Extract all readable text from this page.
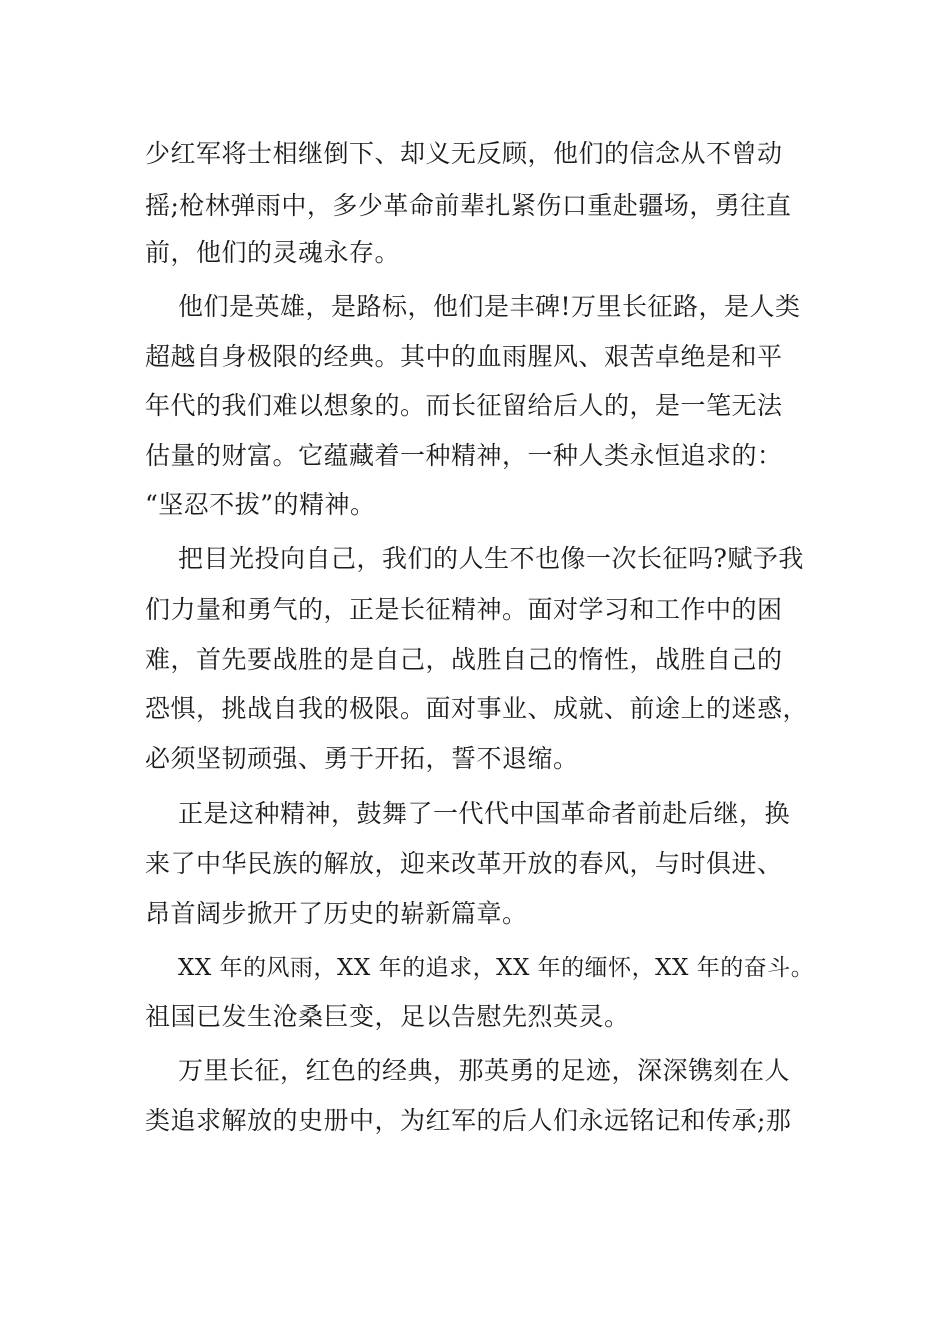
少红军将士相继倒下、却义无反顾，他们的信念从不曾动
摇;枪林弹雨中，多少革命前辈扎紧伤口重赴疆场，勇往直
前，他们的灵魂永存。
他们是英雄，是路标，他们是丰碑!万里长征路，是人类
超越自身极限的经典。其中的血雨腥风、艰苦卓绝是和平
年代的我们难以想象的。而长征留给后人的，是一笔无法
估量的财富。它蕴藏着一种精神，一种人类永恒追求的：
“坚忍不拔”的精神。
把目光投向自己，我们的人生不也像一次长征吗?赋予我
们力量和勇气的，正是长征精神。面对学习和工作中的困
难，首先要战胜的是自己，战胜自己的惰性，战胜自己的
恐惧，挑战自我的极限。面对事业、成就、前途上的迷惑，
必须坚韧顽强、勇于开拓，誓不退缩。
正是这种精神，鼓舞了一代代中国革命者前赴后继，换
来了中华民族的解放，迎来改革开放的春风，与时俱进、
昂首阔步掀开了历史的崭新篇章。
XX 年的风雨，XX 年的追求，XX 年的缅怀，XX 年的奋斗。
祖国已发生沧桑巨变，足以告慰先烈英灵。
万里长征，红色的经典，那英勇的足迹，深深镌刻在人
类追求解放的史册中，为红军的后人们永远铭记和传承;那
